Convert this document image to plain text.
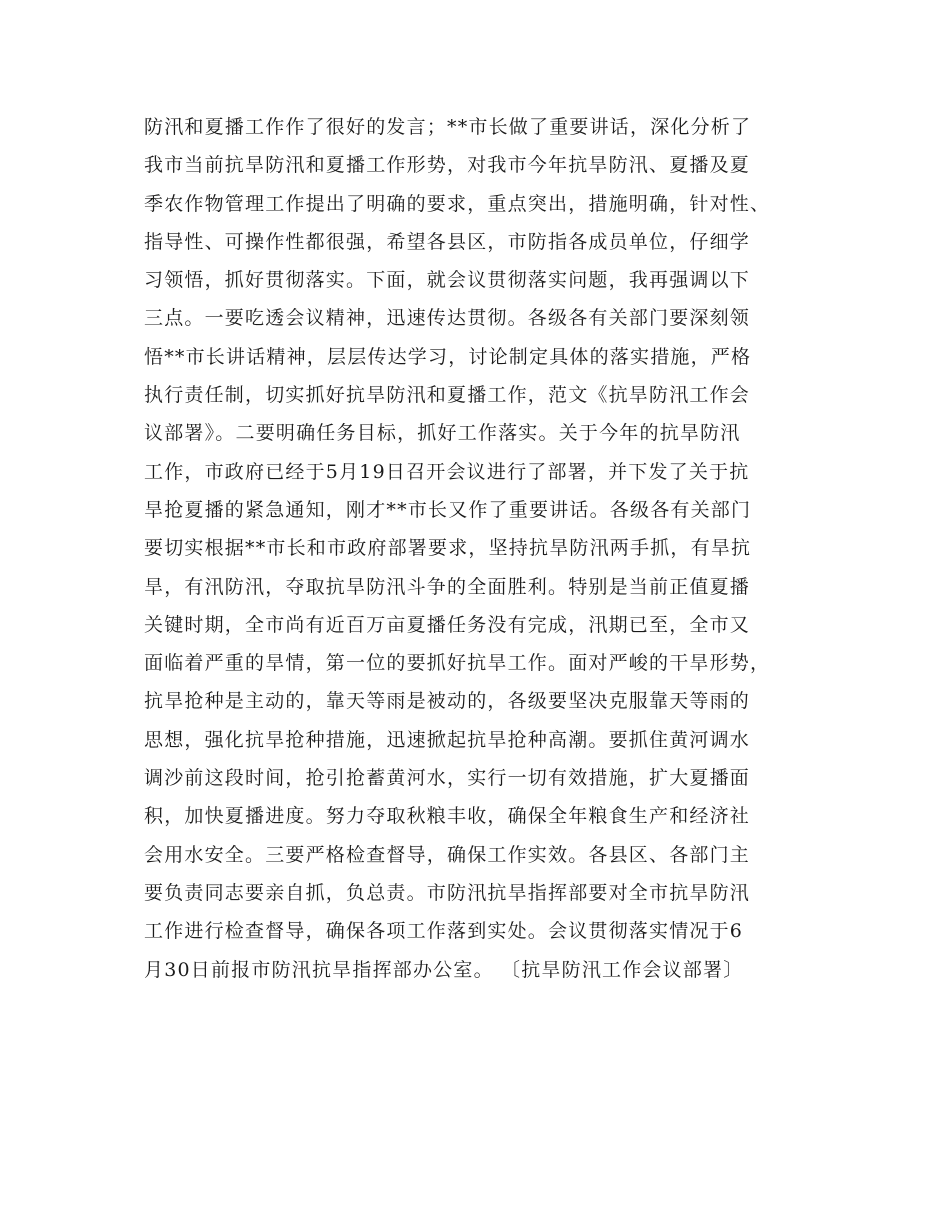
防汛和夏播工作作了很好的发言；**市长做了重要讲话，深化分析了
我市当前抗旱防汛和夏播工作形势，对我市今年抗旱防汛、夏播及夏
季农作物管理工作提出了明确的要求，重点突出，措施明确，针对性、
指导性、可操作性都很强，希望各县区，市防指各成员单位，仔细学
习领悟，抓好贯彻落实。下面，就会议贯彻落实问题，我再强调以下
三点。一要吃透会议精神，迅速传达贯彻。各级各有关部门要深刻领
悟**市长讲话精神，层层传达学习，讨论制定具体的落实措施，严格
执行责任制，切实抓好抗旱防汛和夏播工作，范文《抗旱防汛工作会
议部署》。二要明确任务目标，抓好工作落实。关于今年的抗旱防汛
工作，市政府已经于5月19日召开会议进行了部署，并下发了关于抗
旱抢夏播的紧急通知，刚才**市长又作了重要讲话。各级各有关部门
要切实根据**市长和市政府部署要求，坚持抗旱防汛两手抓，有旱抗
旱，有汛防汛，夺取抗旱防汛斗争的全面胜利。特别是当前正值夏播
关键时期，全市尚有近百万亩夏播任务没有完成，汛期已至，全市又
面临着严重的旱情，第一位的要抓好抗旱工作。面对严峻的干旱形势，
抗旱抢种是主动的，靠天等雨是被动的，各级要坚决克服靠天等雨的
思想，强化抗旱抢种措施，迅速掀起抗旱抢种高潮。要抓住黄河调水
调沙前这段时间，抢引抢蓄黄河水，实行一切有效措施，扩大夏播面
积，加快夏播进度。努力夺取秋粮丰收，确保全年粮食生产和经济社
会用水安全。三要严格检查督导，确保工作实效。各县区、各部门主
要负责同志要亲自抓，负总责。市防汛抗旱指挥部要对全市抗旱防汛
工作进行检查督导，确保各项工作落到实处。会议贯彻落实情况于6
月30日前报市防汛抗旱指挥部办公室。 〔抗旱防汛工作会议部署〕
